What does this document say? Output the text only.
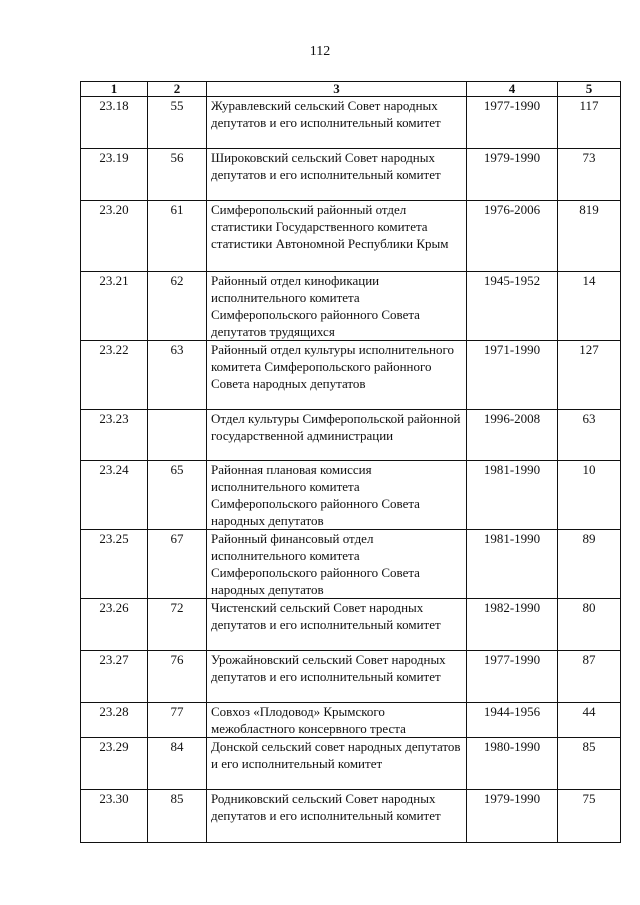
112
1	2	3	4	5
23.18	55	Журавлевский сельский Совет народных депутатов и его исполнительный комитет	1977-1990	117
23.19	56	Широковский сельский Совет народных депутатов и его исполнительный комитет	1979-1990	73
23.20	61	Симферопольский районный отдел статистики Государственного комитета статистики Автономной Республики Крым	1976-2006	819
23.21	62	Районный отдел кинофикации исполнительного комитета Симферопольского районного Совета депутатов трудящихся	1945-1952	14
23.22	63	Районный отдел культуры исполнительного комитета Симферопольского районного Совета народных депутатов	1971-1990	127
23.23		Отдел культуры Симферопольской районной государственной администрации	1996-2008	63
23.24	65	Районная плановая комиссия исполнительного комитета Симферопольского районного Совета народных депутатов	1981-1990	10
23.25	67	Районный финансовый отдел исполнительного комитета Симферопольского районного Совета народных депутатов	1981-1990	89
23.26	72	Чистенский сельский Совет народных депутатов и его исполнительный комитет	1982-1990	80
23.27	76	Урожайновский сельский Совет народных депутатов и его исполнительный комитет	1977-1990	87
23.28	77	Совхоз «Плодовод» Крымского межобластного консервного треста	1944-1956	44
23.29	84	Донской сельский совет народных депутатов и его исполнительный комитет	1980-1990	85
23.30	85	Родниковский сельский Совет народных депутатов и его исполнительный комитет	1979-1990	75
